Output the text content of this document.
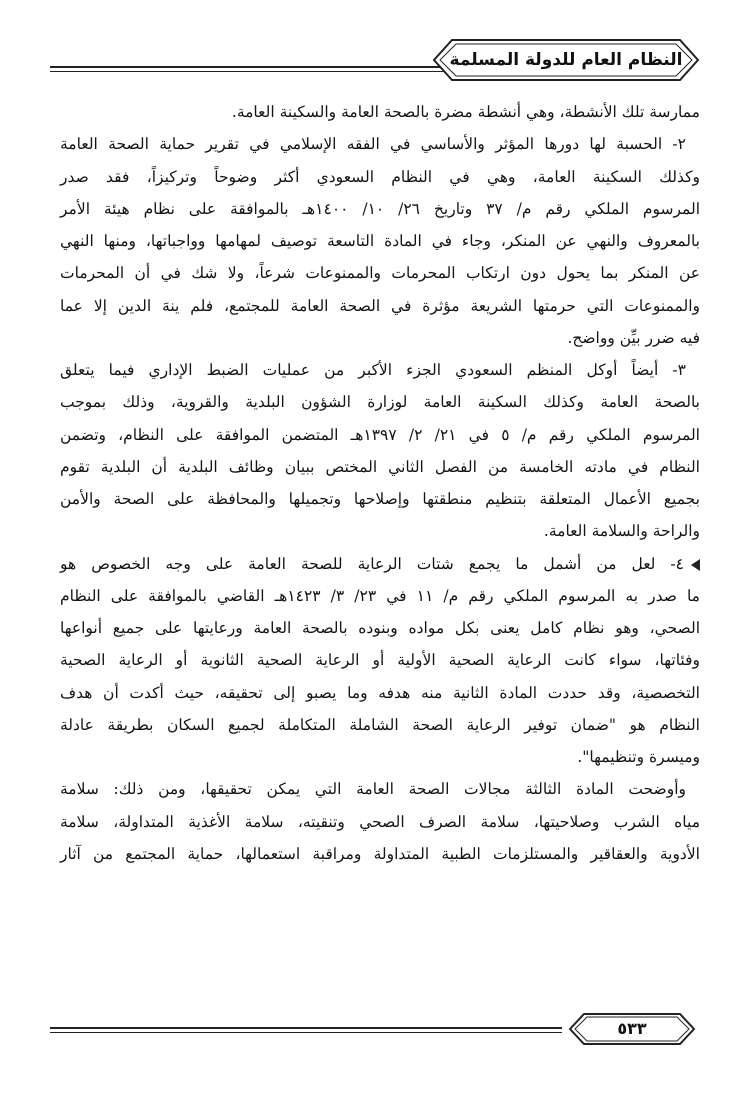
النظام العام للدولة المسلمة
ممارسة تلك الأنشطة، وهي أنشطة مضرة بالصحة العامة والسكينة العامة.
٢- الحسبة لها دورها المؤثر والأساسي في الفقه الإسلامي في تقرير حماية الصحة العامة
وكذلك السكينة العامة، وهي في النظام السعودي أكثر وضوحاً وتركيزاً، فقد صدر
المرسوم الملكي رقم م/ ٣٧ وتاريخ ٢٦/ ١٠/ ١٤٠٠هـ بالموافقة على نظام هيئة الأمر
بالمعروف والنهي عن المنكر، وجاء في المادة التاسعة توصيف لمهامها وواجباتها، ومنها النهي
عن المنكر بما يحول دون ارتكاب المحرمات والممنوعات شرعاً، ولا شك في أن المحرمات
والممنوعات التي حرمتها الشريعة مؤثرة في الصحة العامة للمجتمع، فلم ينهَ الدين إلا عما
فيه ضرر بيِّن وواضح.
٣- أيضاً أوكل المنظم السعودي الجزء الأكبر من عمليات الضبط الإداري فيما يتعلق
بالصحة العامة وكذلك السكينة العامة لوزارة الشؤون البلدية والقروية، وذلك بموجب
المرسوم الملكي رقم م/ ٥ في ٢١/ ٢/ ١٣٩٧هـ المتضمن الموافقة على النظام، وتضمن
النظام في مادته الخامسة من الفصل الثاني المختص ببيان وظائف البلدية أن البلدية تقوم
بجميع الأعمال المتعلقة بتنظيم منطقتها وإصلاحها وتجميلها والمحافظة على الصحة والأمن
والراحة والسلامة العامة.
٤- لعل من أشمل ما يجمع شتات الرعاية للصحة العامة على وجه الخصوص هو
ما صدر به المرسوم الملكي رقم م/ ١١ في ٢٣/ ٣/ ١٤٢٣هـ القاضي بالموافقة على النظام
الصحي، وهو نظام كامل يعنى بكل مواده وبنوده بالصحة العامة ورعايتها على جميع أنواعها
وفئاتها، سواء كانت الرعاية الصحية الأولية أو الرعاية الصحية الثانوية أو الرعاية الصحية
التخصصية، وقد حددت المادة الثانية منه هدفه وما يصبو إلى تحقيقه، حيث أكدت أن هدف
النظام هو "ضمان توفير الرعاية الصحة الشاملة المتكاملة لجميع السكان بطريقة عادلة
وميسرة وتنظيمها".
وأوضحت المادة الثالثة مجالات الصحة العامة التي يمكن تحقيقها، ومن ذلك: سلامة
مياه الشرب وصلاحيتها، سلامة الصرف الصحي وتنقيته، سلامة الأغذية المتداولة، سلامة
الأدوية والعقاقير والمستلزمات الطبية المتداولة ومراقبة استعمالها، حماية المجتمع من آثار
٥٣٣
